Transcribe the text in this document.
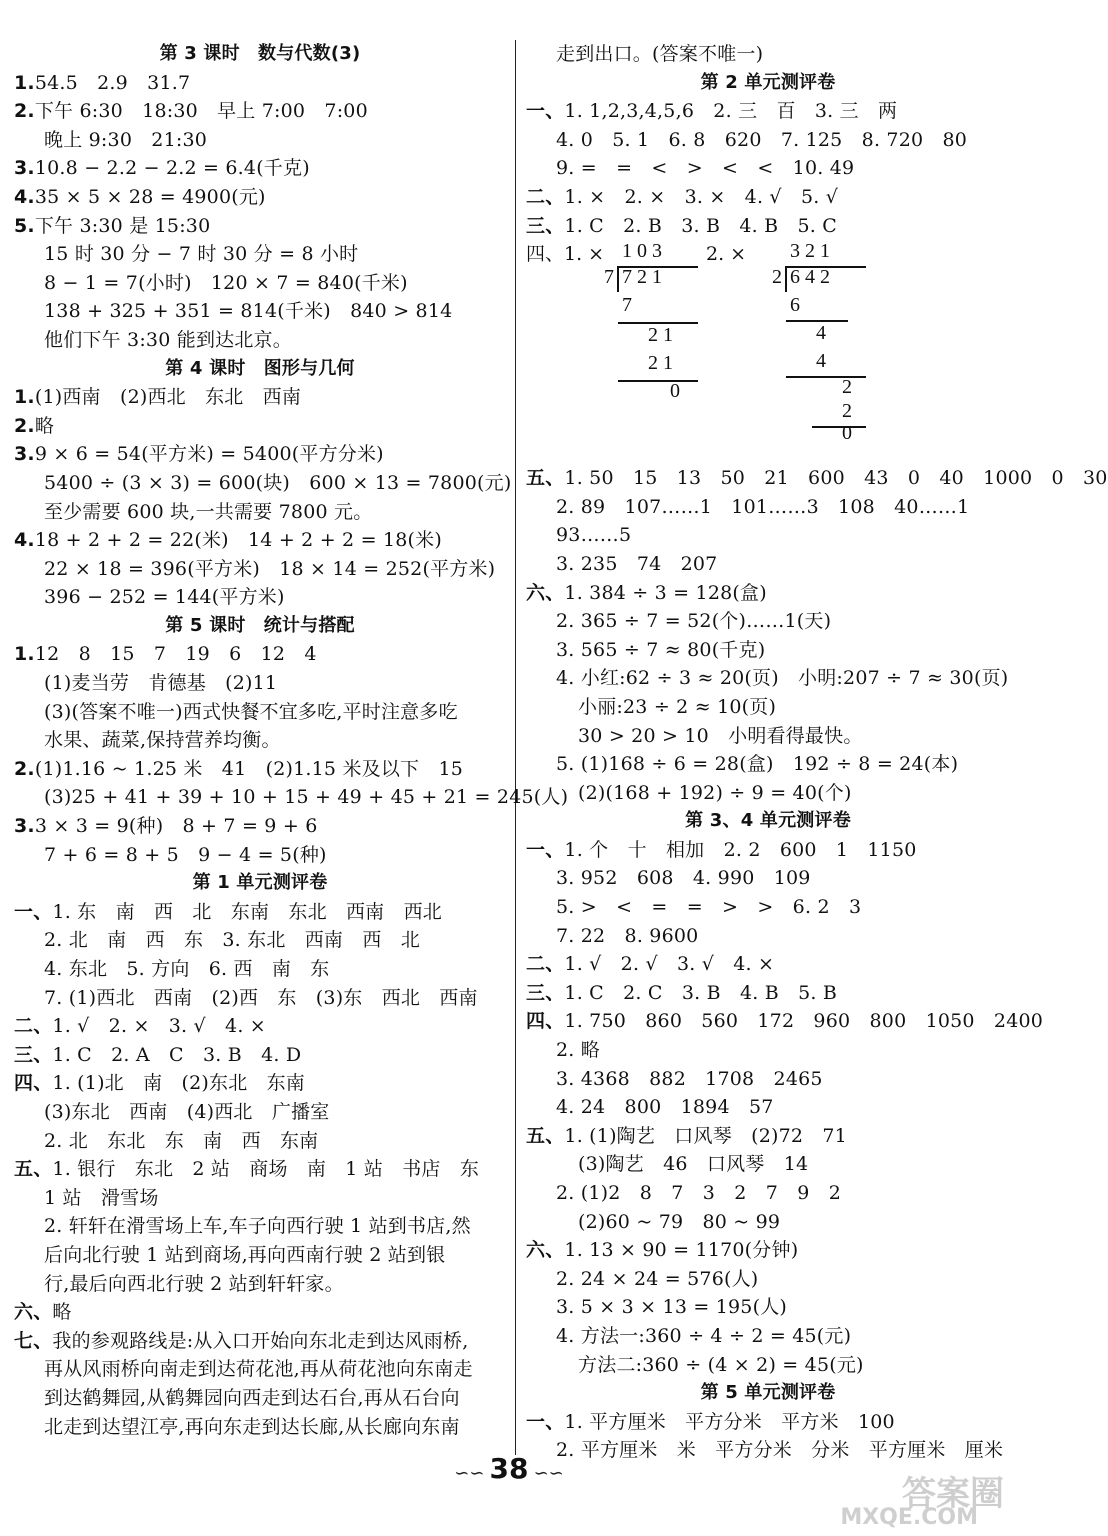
第 3 课时　数与代数(3)
1.54.5　2.9　31.7
2.下午 6:30　18:30　早上 7:00　7:00
晚上 9:30　21:30
3.10.8 − 2.2 − 2.2 = 6.4(千克)
4.35 × 5 × 28 = 4900(元)
5.下午 3:30 是 15:30
15 时 30 分 − 7 时 30 分 = 8 小时
8 − 1 = 7(小时)　120 × 7 = 840(千米)
138 + 325 + 351 = 814(千米)　840 > 814
他们下午 3:30 能到达北京。
第 4 课时　图形与几何
1.(1)西南　(2)西北　东北　西南
2.略
3.9 × 6 = 54(平方米) = 5400(平方分米)
5400 ÷ (3 × 3) = 600(块)　600 × 13 = 7800(元)
至少需要 600 块,一共需要 7800 元。
4.18 + 2 + 2 = 22(米)　14 + 2 + 2 = 18(米)
22 × 18 = 396(平方米)　18 × 14 = 252(平方米)
396 − 252 = 144(平方米)
第 5 课时　统计与搭配
1.12　8　15　7　19　6　12　4
(1)麦当劳　肯德基　(2)11
(3)(答案不唯一)西式快餐不宜多吃,平时注意多吃
水果、蔬菜,保持营养均衡。
2.(1)1.16 ~ 1.25 米　41　(2)1.15 米及以下　15
(3)25 + 41 + 39 + 10 + 15 + 49 + 45 + 21 = 245(人)
3.3 × 3 = 9(种)　8 + 7 = 9 + 6
7 + 6 = 8 + 5　9 − 4 = 5(种)
第 1 单元测评卷
一、1. 东　南　西　北　东南　东北　西南　西北
2. 北　南　西　东　3. 东北　西南　西　北
4. 东北　5. 方向　6. 西　南　东
7. (1)西北　西南　(2)西　东　(3)东　西北　西南
二、1. √　2. ×　3. √　4. ×
三、1. C　2. A　C　3. B　4. D
四、1. (1)北　南　(2)东北　东南
(3)东北　西南　(4)西北　广播室
2. 北　东北　东　南　西　东南
五、1. 银行　东北　2 站　商场　南　1 站　书店　东
1 站　滑雪场
2. 轩轩在滑雪场上车,车子向西行驶 1 站到书店,然
后向北行驶 1 站到商场,再向西南行驶 2 站到银
行,最后向西北行驶 2 站到轩轩家。
六、略
七、我的参观路线是:从入口开始向东北走到达风雨桥,
再从风雨桥向南走到达荷花池,再从荷花池向东南走
到达鹤舞园,从鹤舞园向西走到达石台,再从石台向
北走到达望江亭,再向东走到达长廊,从长廊向东南
走到出口。(答案不唯一)
第 2 单元测评卷
一、1. 1,2,3,4,5,6　2. 三　百　3. 三　两
4. 0　5. 1　6. 8　620　7. 125　8. 720　80
9. =　=　<　>　<　<　10. 49
二、1. ×　2. ×　3. ×　4. √　5. √
三、1. C　2. B　3. B　4. B　5. C
四、1. × 1 0 3
7 7 2 1
7
2 1
2 1
0
2. × 3 2 1
2 6 4 2
6
4
4
2
2
0
五、1. 50　15　13　50　21　600　43　0　40　1000　0　30
2. 89　107……1　101……3　108　40……1
93……5
3. 235　74　207
六、1. 384 ÷ 3 = 128(盒)
2. 365 ÷ 7 = 52(个)……1(天)
3. 565 ÷ 7 ≈ 80(千克)
4. 小红:62 ÷ 3 ≈ 20(页)　小明:207 ÷ 7 ≈ 30(页)
小丽:23 ÷ 2 ≈ 10(页)
30 > 20 > 10　小明看得最快。
5. (1)168 ÷ 6 = 28(盒)　192 ÷ 8 = 24(本)
(2)(168 + 192) ÷ 9 = 40(个)
第 3、4 单元测评卷
一、1. 个　十　相加　2. 2　600　1　1150
3. 952　608　4. 990　109
5. >　<　=　=　>　>　6. 2　3
7. 22　8. 9600
二、1. √　2. √　3. √　4. ×
三、1. C　2. C　3. B　4. B　5. B
四、1. 750　860　560　172　960　800　1050　2400
2. 略
3. 4368　882　1708　2465
4. 24　800　1894　57
五、1. (1)陶艺　口风琴　(2)72　71
(3)陶艺　46　口风琴　14
2. (1)2　8　7　3　2　7　9　2
(2)60 ~ 79　80 ~ 99
六、1. 13 × 90 = 1170(分钟)
2. 24 × 24 = 576(人)
3. 5 × 3 × 13 = 195(人)
4. 方法一:360 ÷ 4 ÷ 2 = 45(元)
方法二:360 ÷ (4 × 2) = 45(元)
第 5 单元测评卷
一、1. 平方厘米　平方分米　平方米　100
2. 平方厘米　米　平方分米　分米　平方厘米　厘米
∽∽ 38 ∽∽
答案圈
MXQE.COM
